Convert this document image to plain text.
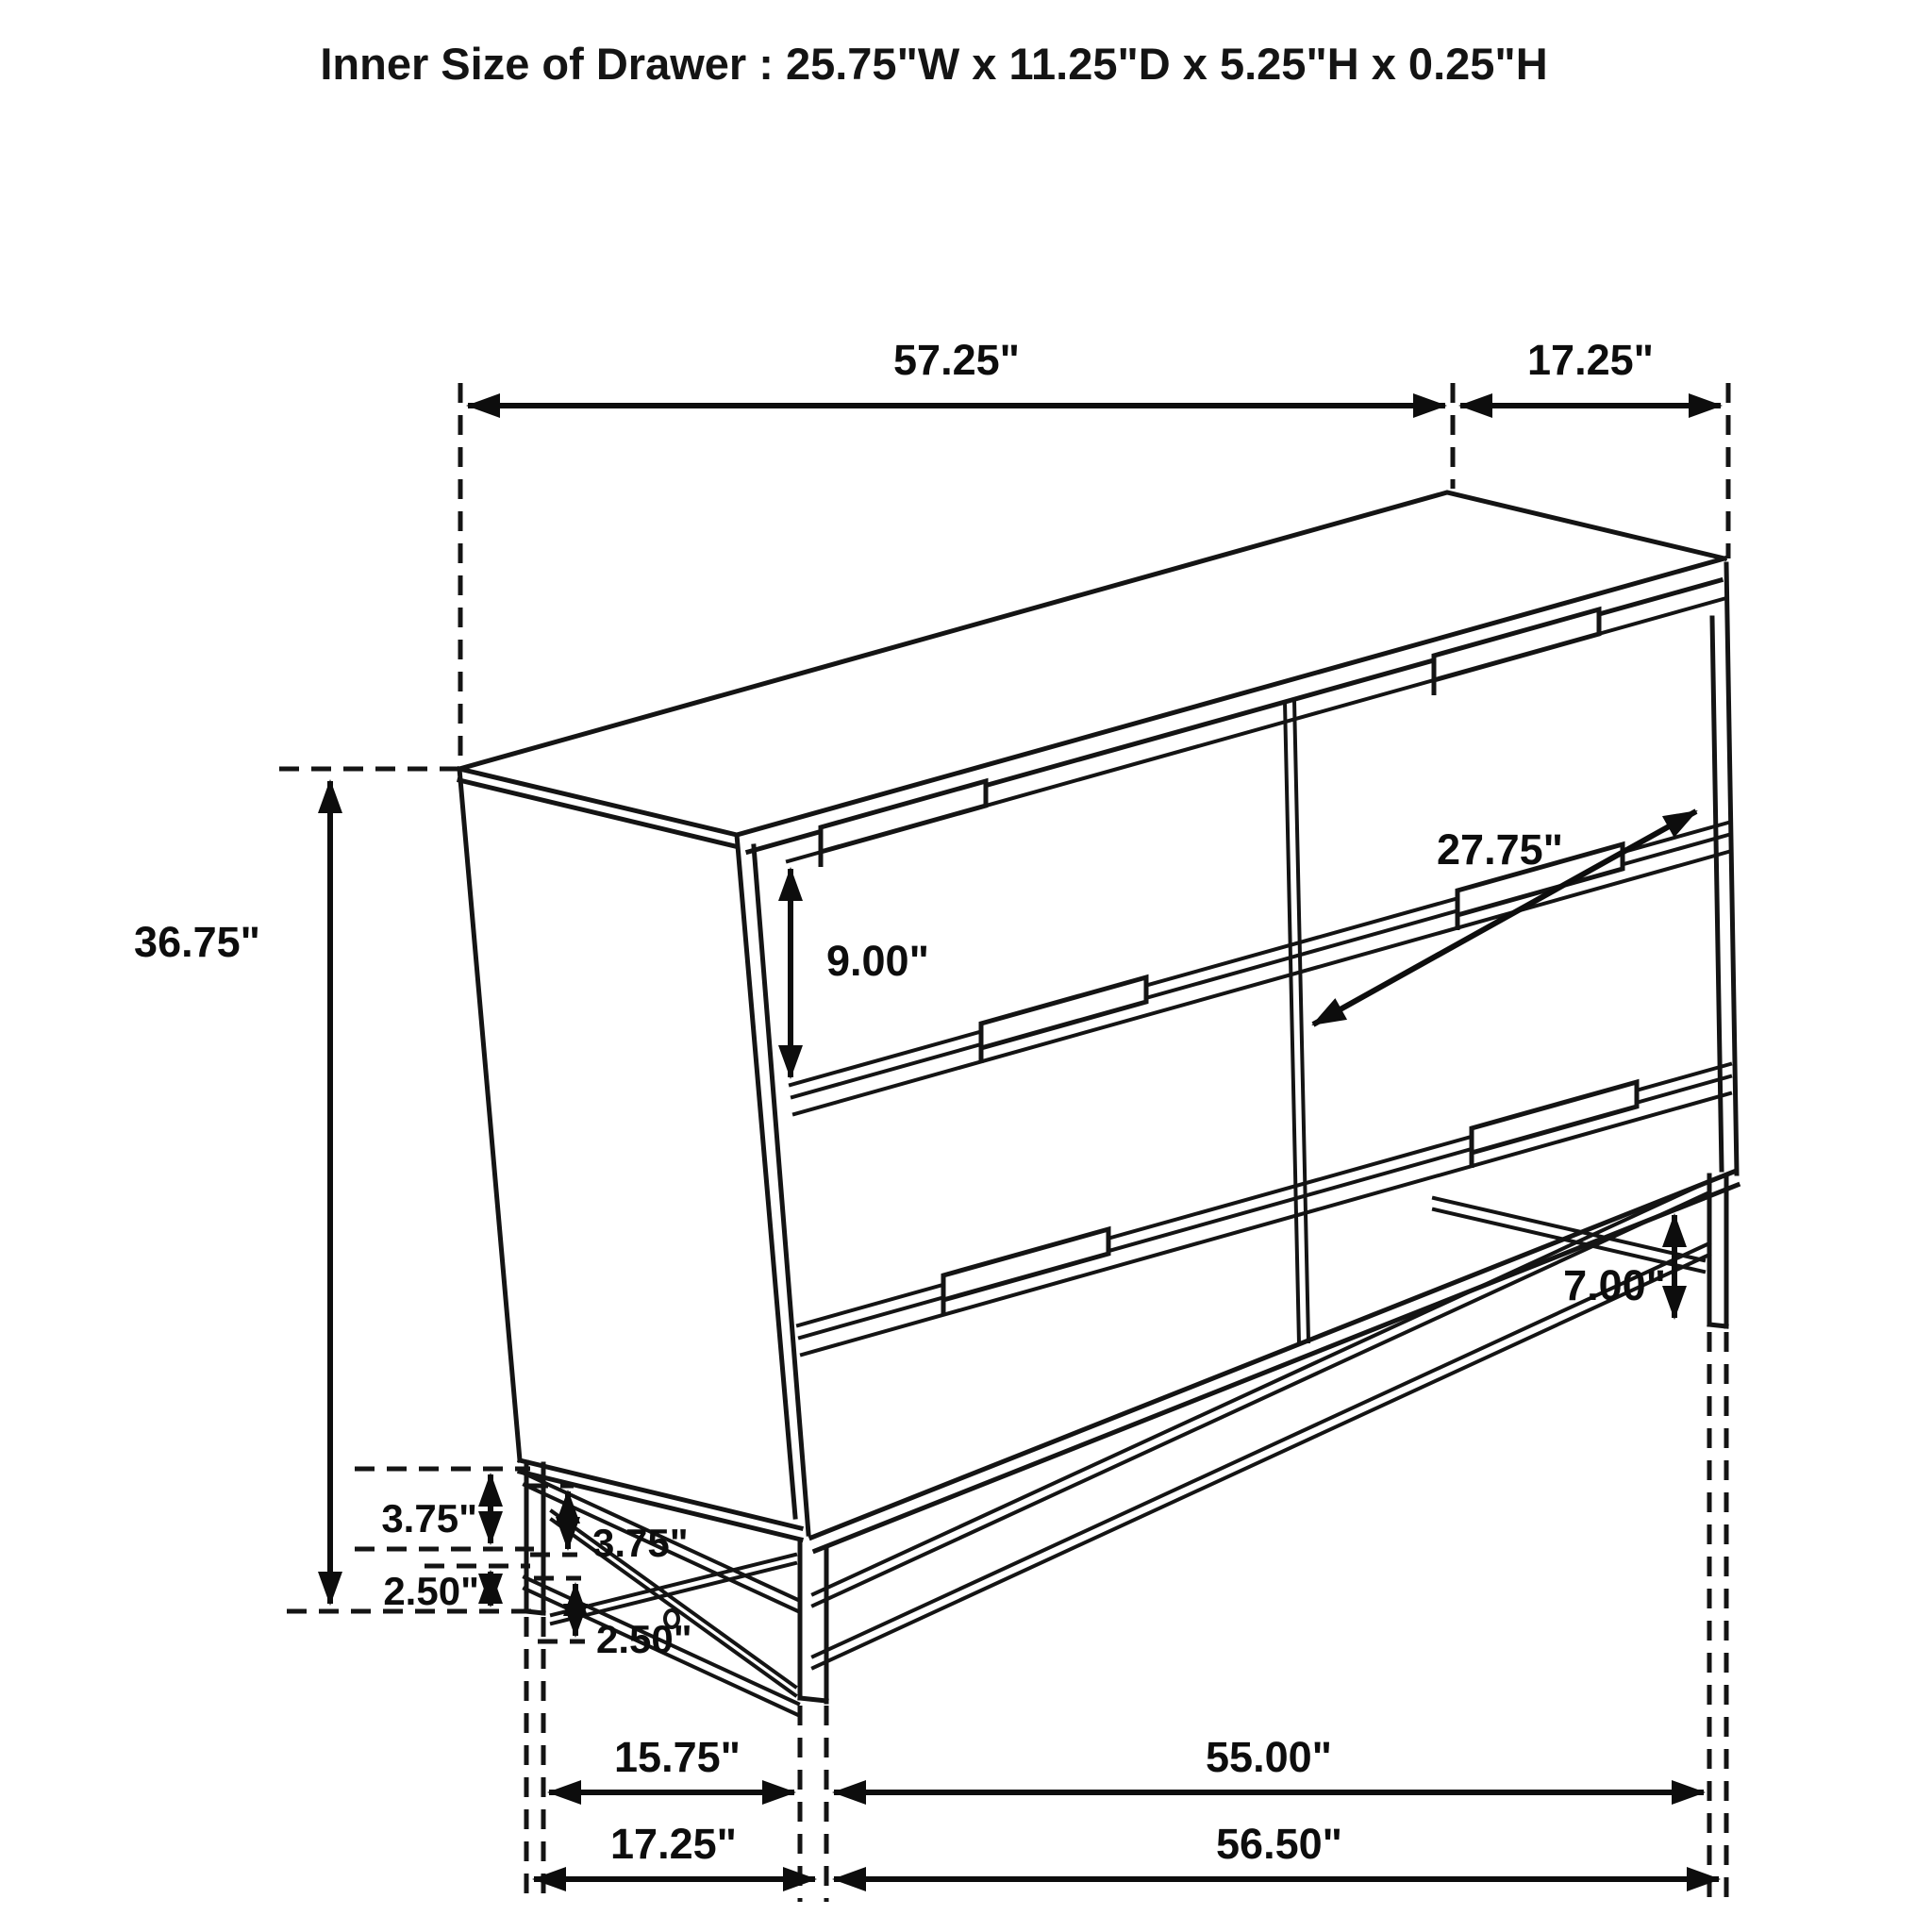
Inner Size of Drawer : 25.75"W x 11.25"D x 5.25"H x 0.25"H
57.25"	17.25"
36.75"	9.00"
27.75"
7.00"
3.75"
2.50"
3.75"
2.50"
15.75"	55.00"
17.25"	56.50"
